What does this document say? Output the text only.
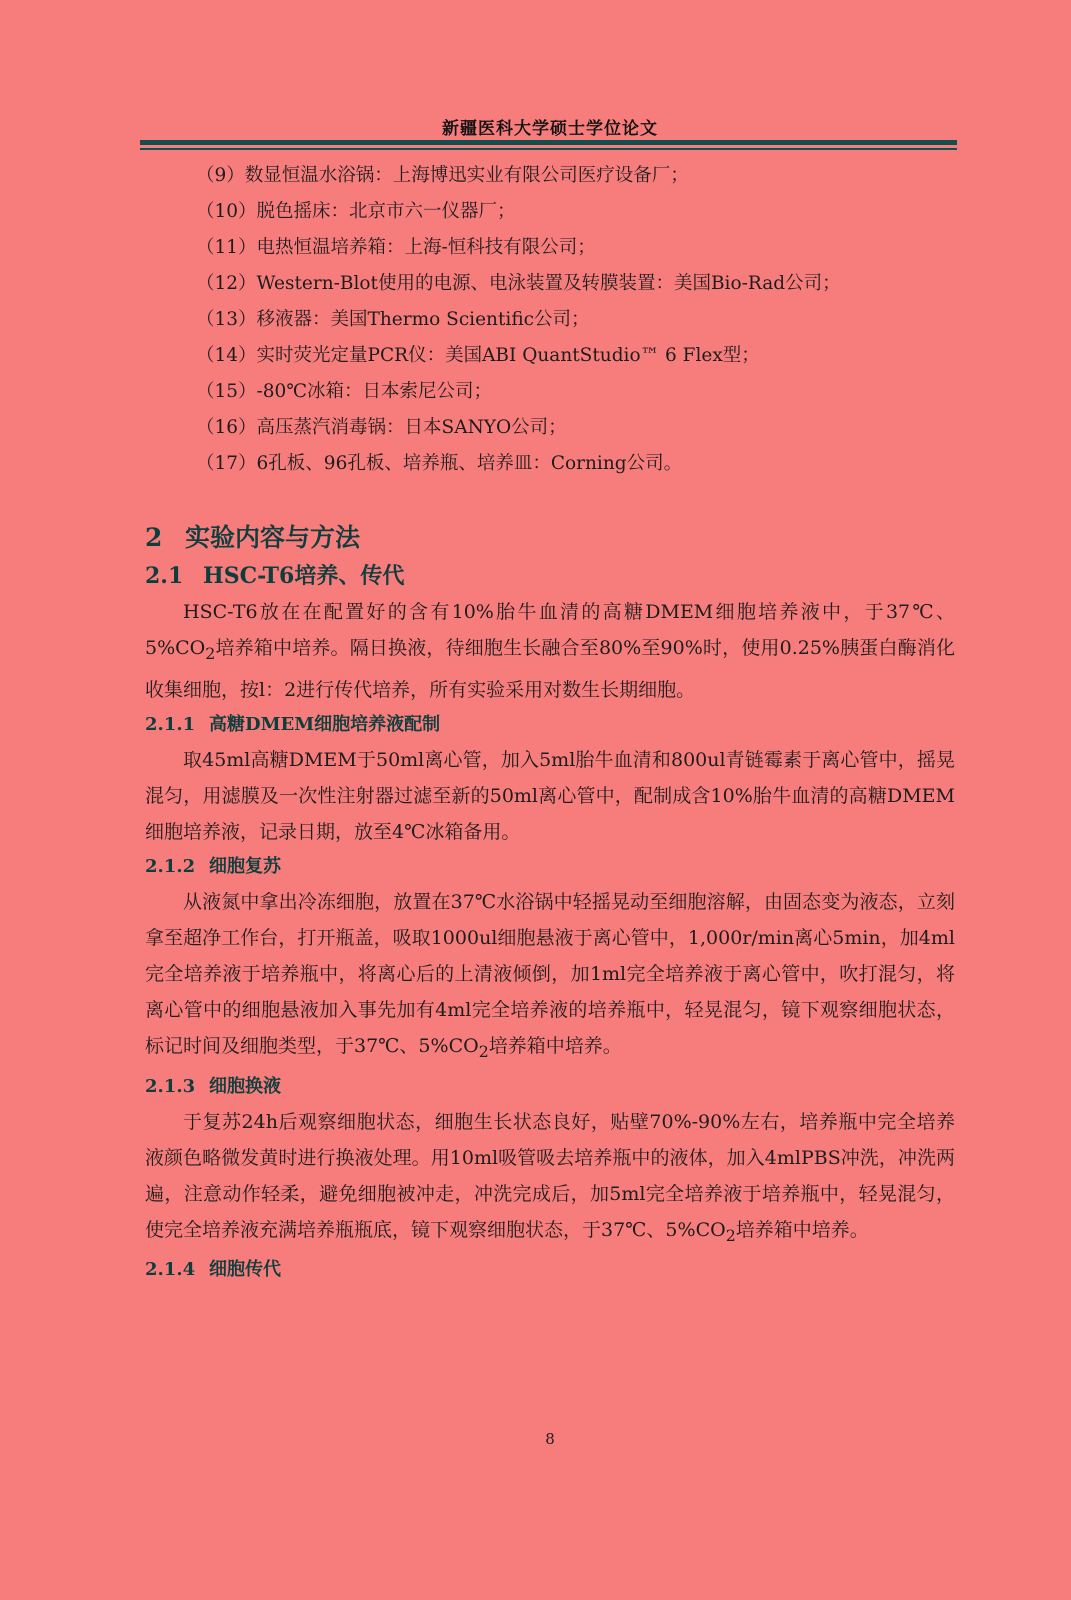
新疆医科大学硕士学位论文
（9）数显恒温水浴锅：上海博迅实业有限公司医疗设备厂；
（10）脱色摇床：北京市六一仪器厂；
（11）电热恒温培养箱：上海-恒科技有限公司；
（12）Western-Blot使用的电源、电泳装置及转膜装置：美国Bio-Rad公司；
（13）移液器：美国Thermo Scientific公司；
（14）实时荧光定量PCR仪：美国ABI QuantStudio™ 6 Flex型；
（15）-80℃冰箱：日本索尼公司；
（16）高压蒸汽消毒锅：日本SANYO公司；
（17）6孔板、96孔板、培养瓶、培养皿：Corning公司。
2 实验内容与方法
2.1 HSC-T6培养、传代

HSC-T6放在在配置好的含有10%胎牛血清的高糖DMEM细胞培养液中，于37℃、$5\%CO_2$培养箱中培养。隔日换液，待细胞生长融合至80%至90%时，使用0.25%胰蛋白酶消化收集细胞，按l：2进行传代培养，所有实验采用对数生长期细胞。

2.1.1 高糖DMEM细胞培养液配制

取45ml高糖DMEM于50ml离心管，加入5ml胎牛血清和800ul青链霉素于离心管中，摇晃混匀，用滤膜及一次性注射器过滤至新的50ml离心管中，配制成含10%胎牛血清的高糖DMEM细胞培养液，记录日期，放至4℃冰箱备用。

2.1.2 细胞复苏

从液氮中拿出冷冻细胞，放置在37℃水浴锅中轻摇晃动至细胞溶解，由固态变为液态，立刻拿至超净工作台，打开瓶盖，吸取1000ul细胞悬液于离心管中，1,000r/min离心5min，加4ml完全培养液于培养瓶中，将离心后的上清液倾倒，加1ml完全培养液于离心管中，吹打混匀，将离心管中的细胞悬液加入事先加有4ml完全培养液的培养瓶中，轻晃混匀，镜下观察细胞状态，标记时间及细胞类型，于37℃、$5\%CO_2$培养箱中培养。

2.1.3 细胞换液

于复苏24h后观察细胞状态，细胞生长状态良好，贴壁70%-90%左右，培养瓶中完全培养液颜色略微发黄时进行换液处理。用10ml吸管吸去培养瓶中的液体，加入4mlPBS冲洗，冲洗两遍，注意动作轻柔，避免细胞被冲走，冲洗完成后，加5ml完全培养液于培养瓶中，轻晃混匀，使完全培养液充满培养瓶瓶底，镜下观察细胞状态，于37℃、$5\%CO_2$培养箱中培养。

2.1.4 细胞传代
8
